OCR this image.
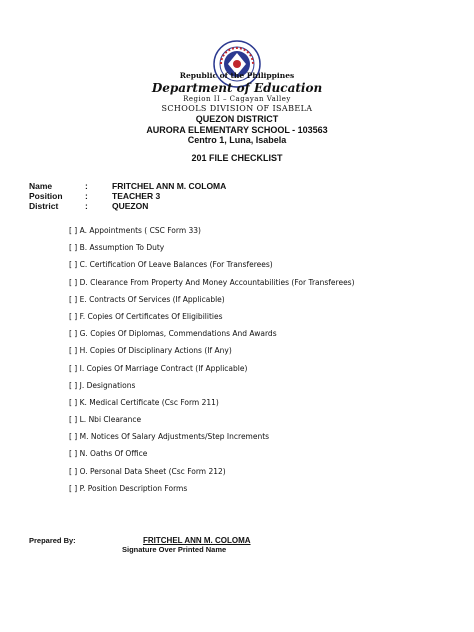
Republic of the Philippines
Department of Education
Region II – Cagayan Valley
SCHOOLS DIVISION OF ISABELA
QUEZON DISTRICT
AURORA ELEMENTARY SCHOOL - 103563
Centro 1, Luna, Isabela
201 FILE CHECKLIST
Name	:	FRITCHEL ANN M. COLOMA
Position	:	TEACHER 3
District	:	QUEZON
[ ] A. Appointments ( CSC Form 33)
[ ] B. Assumption To Duty
[ ] C. Certification Of Leave Balances (For Transferees)
[ ] D. Clearance From Property And Money Accountabilities (For Transferees)
[ ] E. Contracts Of Services (If Applicable)
[ ] F. Copies Of Certificates Of Eligibilities
[ ] G. Copies Of Diplomas, Commendations And Awards
[ ] H. Copies Of Disciplinary Actions (If Any)
[ ] I. Copies Of Marriage Contract (If Applicable)
[ ] J. Designations
[ ] K. Medical Certificate (Csc Form 211)
[ ] L. Nbi Clearance
[ ] M. Notices Of Salary Adjustments/Step Increments
[ ] N. Oaths Of Office
[ ] O. Personal Data Sheet (Csc Form 212)
[ ] P. Position Description Forms
Prepared By:	FRITCHEL ANN M. COLOMA
Signature Over Printed Name
